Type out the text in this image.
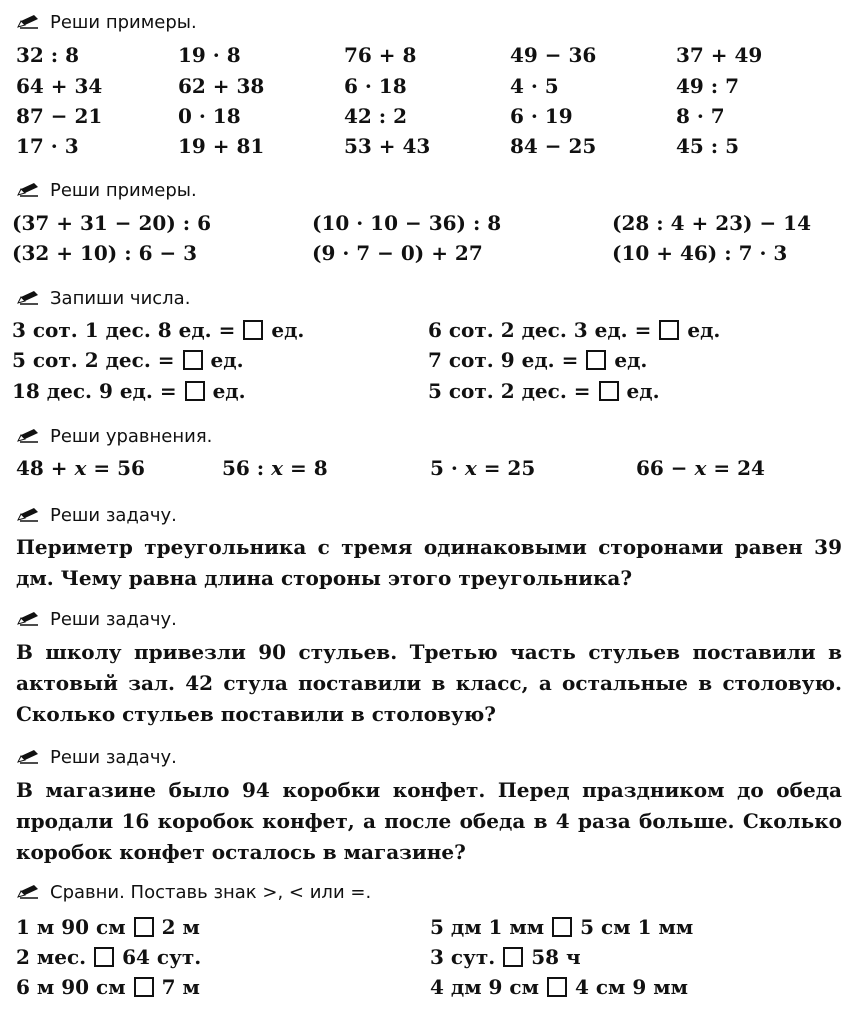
Реши примеры.
32 : 8	19 · 8	76 + 8	49 − 36	37 + 49
64 + 34	62 + 38	6 · 18	4 · 5	49 : 7
87 − 21	0 · 18	42 : 2	6 · 19	8 · 7
17 · 3	19 + 81	53 + 43	84 − 25	45 : 5
Реши примеры.
(37 + 31 − 20) : 6	(10 · 10 − 36) : 8	(28 : 4 + 23) − 14
(32 + 10) : 6 − 3	(9 · 7 − 0) + 27	(10 + 46) : 7 · 3
Запиши числа.
3 сот. 1 дес. 8 ед. = ед.	6 сот. 2 дес. 3 ед. = ед.
5 сот. 2 дес. = ед.	7 сот. 9 ед. = ед.
18 дес. 9 ед. = ед.	5 сот. 2 дес. = ед.
Реши уравнения.
48 + x = 56	56 : x = 8	5 · x = 25	66 − x = 24
Реши задачу.

Периметр треугольника с тремя одинаковыми сторонами равен 39 дм. Чему равна длина стороны этого треугольника?

Реши задачу.

В школу привезли 90 стульев. Третью часть стульев поставили в актовый зал. 42 стула поставили в класс, а остальные в столовую. Сколько стульев поставили в столовую?

Реши задачу.

В магазине было 94 коробки конфет. Перед праздником до обеда продали 16 коробок конфет, а после обеда в 4 раза больше. Сколько коробок конфет осталось в магазине?

Сравни. Поставь знак >, < или =.
1 м 90 см 2 м	5 дм 1 мм 5 см 1 мм
2 мес. 64 сут.	3 сут. 58 ч
6 м 90 см 7 м	4 дм 9 см 4 см 9 мм
